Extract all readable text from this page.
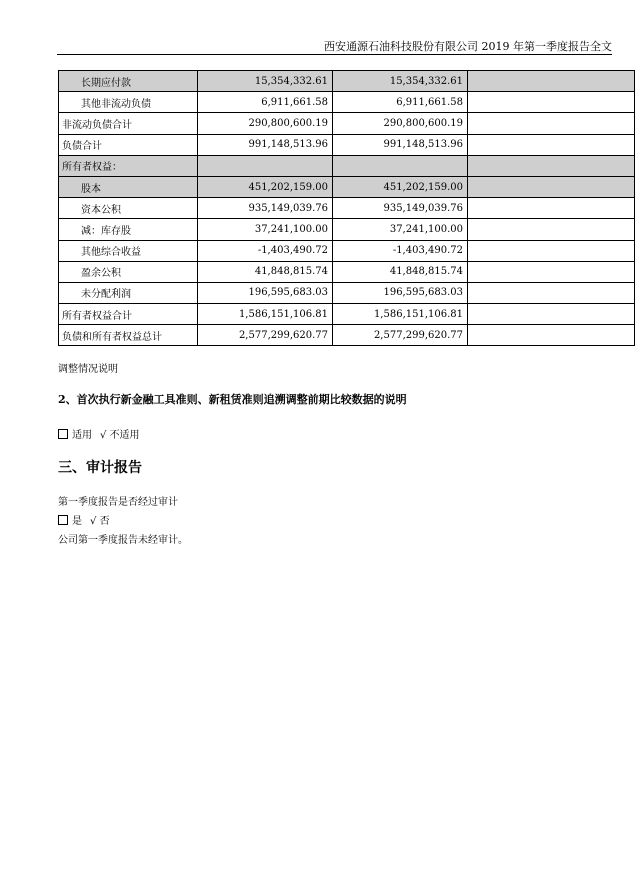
西安通源石油科技股份有限公司 2019 年第一季度报告全文
长期应付款	15,354,332.61	15,354,332.61	
其他非流动负债	6,911,661.58	6,911,661.58	
非流动负债合计	290,800,600.19	290,800,600.19	
负债合计	991,148,513.96	991,148,513.96	
所有者权益：			
股本	451,202,159.00	451,202,159.00	
资本公积	935,149,039.76	935,149,039.76	
减：库存股	37,241,100.00	37,241,100.00	
其他综合收益	-1,403,490.72	-1,403,490.72	
盈余公积	41,848,815.74	41,848,815.74	
未分配利润	196,595,683.03	196,595,683.03	
所有者权益合计	1,586,151,106.81	1,586,151,106.81	
负债和所有者权益总计	2,577,299,620.77	2,577,299,620.77	
调整情况说明
2、首次执行新金融工具准则、新租赁准则追溯调整前期比较数据的说明
适用 √ 不适用
三、审计报告
第一季度报告是否经过审计
是 √ 否
公司第一季度报告未经审计。
